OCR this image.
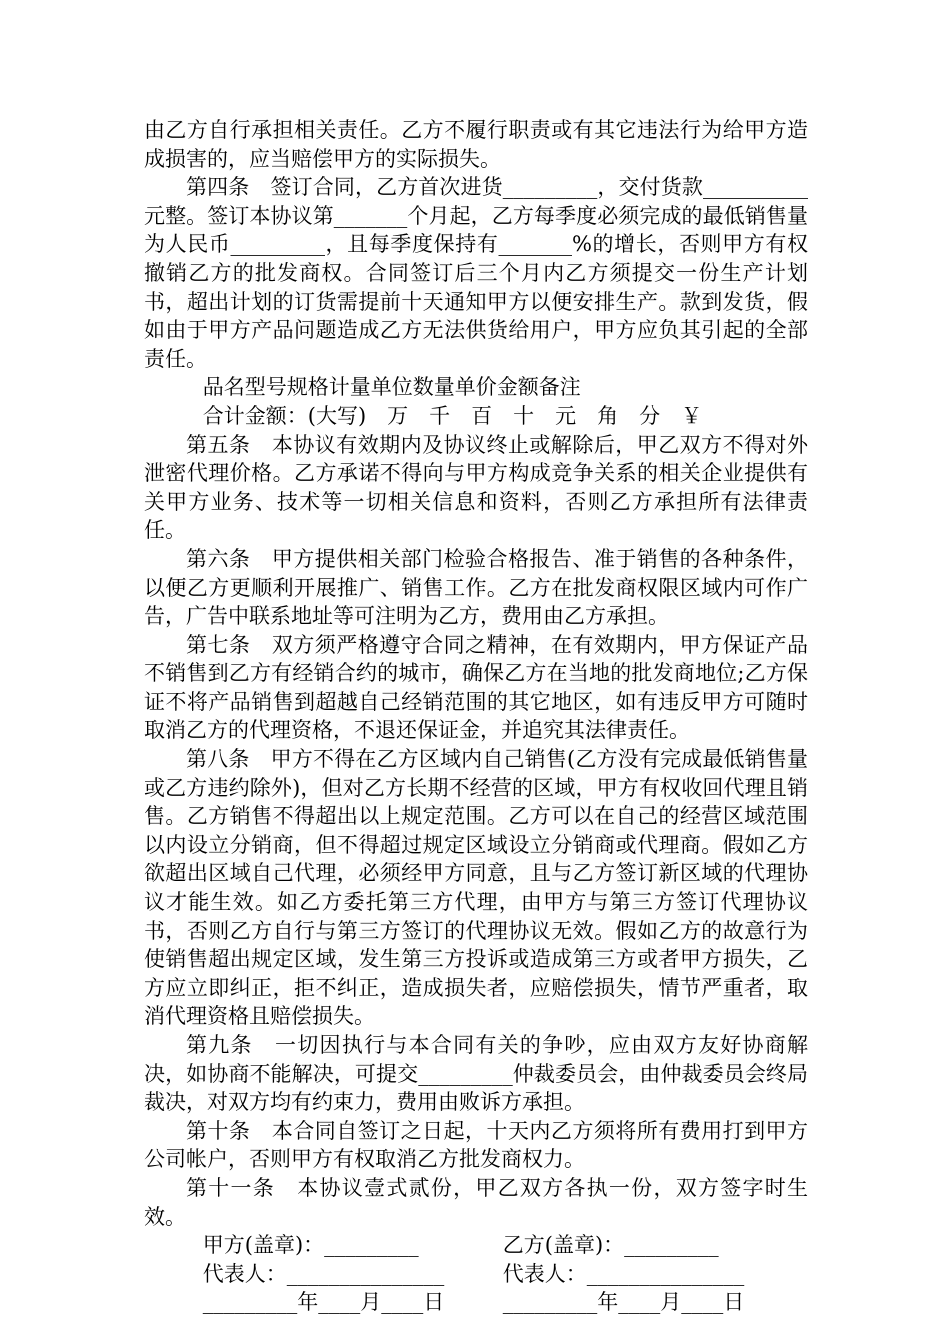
由乙方自行承担相关责任。乙方不履行职责或有其它违法行为给甲方造成损害的，应当赔偿甲方的实际损失。

第四条　签订合同，乙方首次进货_________，交付货款__________元整。签订本协议第_______个月起，乙方每季度必须完成的最低销售量为人民币_________，且每季度保持有_______%的增长，否则甲方有权撤销乙方的批发商权。合同签订后三个月内乙方须提交一份生产计划书，超出计划的订货需提前十天通知甲方以便安排生产。款到发货，假如由于甲方产品问题造成乙方无法供货给用户，甲方应负其引起的全部责任。

品名型号规格计量单位数量单价金额备注

合计金额：(大写)　万　千　百　十　元　角　分　￥

第五条　本协议有效期内及协议终止或解除后，甲乙双方不得对外泄密代理价格。乙方承诺不得向与甲方构成竞争关系的相关企业提供有关甲方业务、技术等一切相关信息和资料，否则乙方承担所有法律责任。

第六条　甲方提供相关部门检验合格报告、准于销售的各种条件，以便乙方更顺利开展推广、销售工作。乙方在批发商权限区域内可作广告，广告中联系地址等可注明为乙方，费用由乙方承担。

第七条　双方须严格遵守合同之精神，在有效期内，甲方保证产品不销售到乙方有经销合约的城市，确保乙方在当地的批发商地位;乙方保证不将产品销售到超越自己经销范围的其它地区，如有违反甲方可随时取消乙方的代理资格，不退还保证金，并追究其法律责任。

第八条　甲方不得在乙方区域内自己销售(乙方没有完成最低销售量或乙方违约除外)，但对乙方长期不经营的区域，甲方有权收回代理且销售。乙方销售不得超出以上规定范围。乙方可以在自己的经营区域范围以内设立分销商，但不得超过规定区域设立分销商或代理商。假如乙方欲超出区域自己代理，必须经甲方同意，且与乙方签订新区域的代理协议才能生效。如乙方委托第三方代理，由甲方与第三方签订代理协议书，否则乙方自行与第三方签订的代理协议无效。假如乙方的故意行为使销售超出规定区域，发生第三方投诉或造成第三方或者甲方损失，乙方应立即纠正，拒不纠正，造成损失者，应赔偿损失，情节严重者，取消代理资格且赔偿损失。

第九条　一切因执行与本合同有关的争吵，应由双方友好协商解决，如协商不能解决，可提交_________仲裁委员会，由仲裁委员会终局裁决，对双方均有约束力，费用由败诉方承担。

第十条　本合同自签订之日起，十天内乙方须将所有费用打到甲方公司帐户，否则甲方有权取消乙方批发商权力。

第十一条　本协议壹式贰份，甲乙双方各执一份，双方签字时生效。

甲方(盖章)：_________	乙方(盖章)：_________
代表人：_______________	代表人：_______________
_________年____月____日	_________年____月____日
